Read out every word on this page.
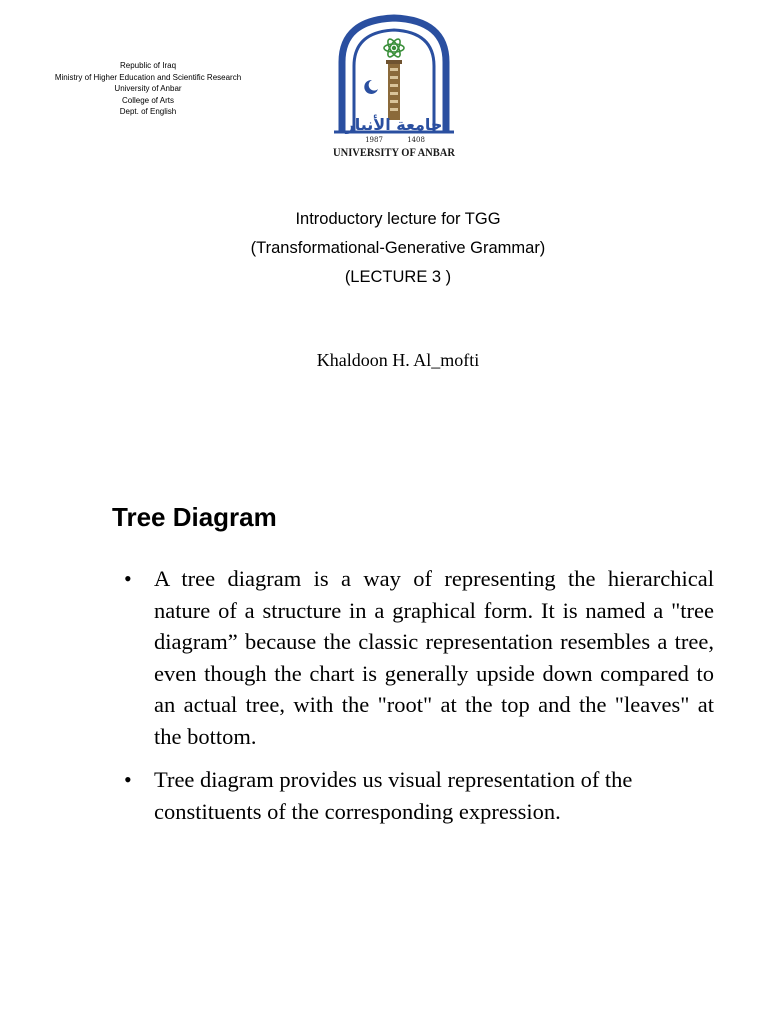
Republic of Iraq
Ministry of Higher Education and Scientific Research
University of Anbar
College of Arts
Dept. of English
جامعة الأنبار
1987	1408
UNIVERSITY OF ANBAR
Introductory lecture for TGG
(Transformational-Generative Grammar)
(LECTURE 3 )
Khaldoon H. Al_mofti
Tree Diagram
• A tree diagram is a way of representing the hierarchical nature of a structure in a graphical form. It is named a "tree diagram” because the classic representation resembles a tree, even though the chart is generally upside down compared to an actual tree, with the "root" at the top and the "leaves" at the bottom.
• Tree diagram provides us visual representation of the constituents of the corresponding expression.
